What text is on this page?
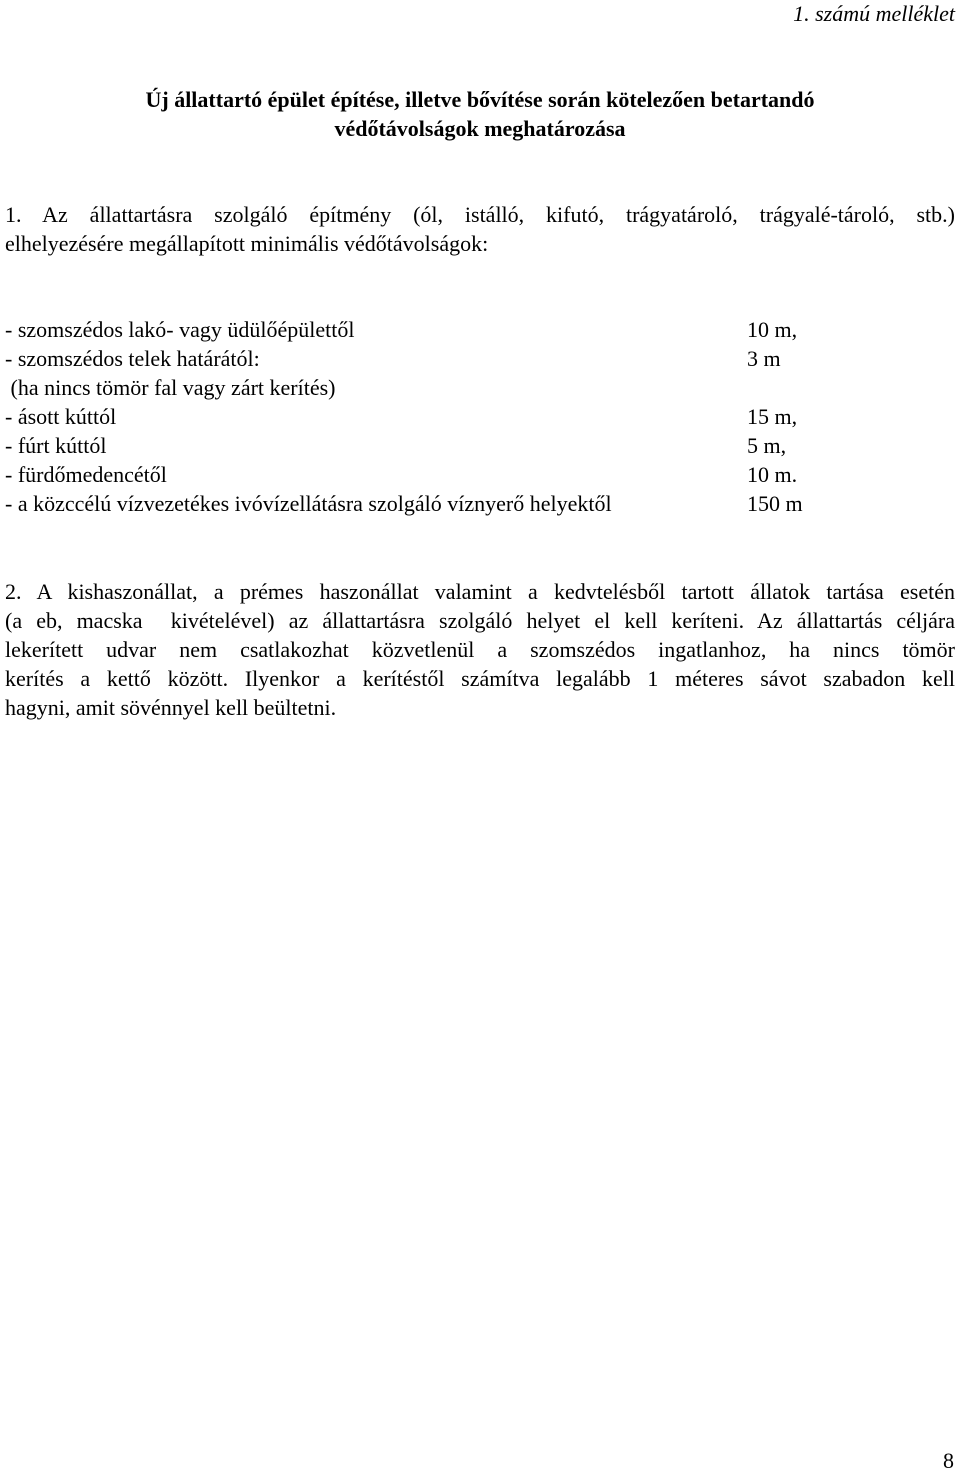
1. számú melléklet
Új állattartó épület építése, illetve bővítése során kötelezően betartandó
védőtávolságok meghatározása
1. Az állattartásra szolgáló építmény (ól, istálló, kifutó, trágyatároló, trágyalé-tároló, stb.)
elhelyezésére megállapított minimális védőtávolságok:
- szomszédos lakó- vagy üdülőépülettől	10 m,
- szomszédos telek határától:	3 m
(ha nincs tömör fal vagy zárt kerítés)
- ásott kúttól	15 m,
- fúrt kúttól	5 m,
- fürdőmedencétől	10 m.
- a közccélú vízvezetékes ivóvízellátásra szolgáló víznyerő helyektől	150 m
2. A kishaszonállat, a prémes haszonállat valamint a kedvtelésből tartott állatok tartása esetén
(a eb, macska  kivételével) az állattartásra szolgáló helyet el kell keríteni. Az állattartás céljára
lekerített udvar nem csatlakozhat közvetlenül a szomszédos ingatlanhoz, ha nincs tömör
kerítés a kettő között. Ilyenkor a kerítéstől számítva legalább 1 méteres sávot szabadon kell
hagyni, amit sövénnyel kell beültetni.
8
